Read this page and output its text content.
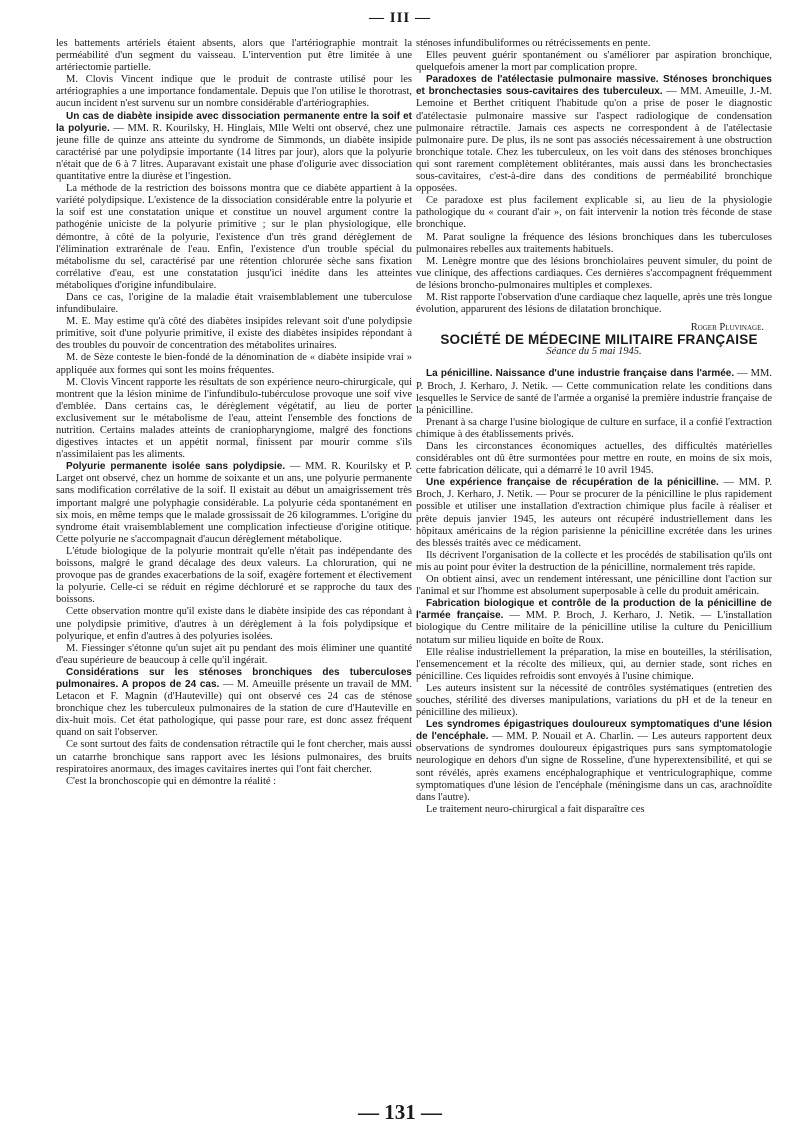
— III —

les battements artériels étaient absents, alors que l'artériographie montrait la perméabilité d'un segment du vaisseau. L'intervention put être limitée à une artériectomie partielle.

M. Clovis Vincent indique que le produit de contraste utilisé pour les artériographies a une importance fondamentale. Depuis que l'on utilise le thorotrast, aucun incident n'est survenu sur un nombre considérable d'artériographies.

Un cas de diabète insipide avec dissociation permanente entre la soif et la polyurie. — MM. R. Kourilsky, H. Hinglais, Mlle Welti ont observé, chez une jeune fille de quinze ans atteinte du syndrome de Simmonds, un diabète insipide caractérisé par une polydipsie importante (14 litres par jour), alors que la polyurie n'était que de 6 à 7 litres. Auparavant existait une phase d'oligurie avec dissociation quantitative entre la diurèse et l'ingestion.

La méthode de la restriction des boissons montra que ce diabète appartient à la variété polydipsique. L'existence de la dissociation considérable entre la polyurie et la soif est une constatation unique et constitue un nouvel argument contre la pathogénie uniciste de la polyurie primitive ; sur le plan physiologique, elle démontre, à côté de la polyurie, l'existence d'un très grand dérèglement de l'élimination extrarénale de l'eau. Enfin, l'existence d'un trouble spécial du métabolisme du sel, caractérisé par une rétention chlorurée sèche sans fixation corrélative d'eau, est une constatation jusqu'ici inédite dans les atteintes métaboliques d'origine infundibulaire.

Dans ce cas, l'origine de la maladie était vraisemblablement une tuberculose infundibulaire.

M. E. May estime qu'à côté des diabètes insipides relevant soit d'une polydipsie primitive, soit d'une polyurie primitive, il existe des diabètes insipides répondant à des troubles du pouvoir de concentration des métabolites urinaires.

M. de Sèze conteste le bien-fondé de la dénomination de « diabète insipide vrai » appliquée aux formes qui sont les moins fréquentes.

M. Clovis Vincent rapporte les résultats de son expérience neuro-chirurgicale, qui montrent que la lésion minime de l'infundibulo-tubérculose provoque une soif vive d'emblée. Dans certains cas, le dérèglement végétatif, au lieu de porter exclusivement sur le métabolisme de l'eau, atteint l'ensemble des fonctions de nutrition. Certains malades atteints de craniopharyngiome, malgré des fonctions digestives intactes et un appétit normal, finissent par mourir comme s'ils n'assimilaient pas les aliments.

Polyurie permanente isolée sans polydipsie. — MM. R. Kourilsky et P. Larget ont observé, chez un homme de soixante et un ans, une polyurie permanente sans modification corrélative de la soif. Il existait au début un amaigrissement très important malgré une polyphagie considérable. La polyurie céda spontanément en six mois, en même temps que le malade grossissait de 26 kilogrammes. L'origine du syndrome était vraisemblablement une complication infectieuse d'origine otitique. Cette polyurie ne s'accompagnait d'aucun dérèglement métabolique.

L'étude biologique de la polyurie montrait qu'elle n'était pas indépendante des boissons, malgré le grand décalage des deux valeurs. La chloruration, qui ne provoque pas de grandes exacerbations de la soif, exagère fortement et électivement la polyurie. Celle-ci se réduit en régime déchloruré et se rapproche du taux des boissons.

Cette observation montre qu'il existe dans le diabète insipide des cas répondant à une polydipsie primitive, d'autres à un dérèglement à la fois polydipsique et polyurique, et enfin d'autres à des polyuries isolées.

M. Fiessinger s'étonne qu'un sujet ait pu pendant des mois éliminer une quantité d'eau supérieure de beaucoup à celle qu'il ingérait.

Considérations sur les sténoses bronchiques des tuberculoses pulmonaires. A propos de 24 cas. — M. Ameuille présente un travail de MM. Letacon et F. Magnin (d'Hauteville) qui ont observé ces 24 cas de sténose bronchique chez les tuberculeux pulmonaires de la station de cure d'Hauteville en dix-huit mois. Cet état pathologique, qui passe pour rare, est donc assez fréquent quand on sait l'observer.

Ce sont surtout des faits de condensation rétractile qui le font chercher, mais aussi un catarrhe bronchique sans rapport avec les lésions pulmonaires, des bruits respiratoires anormaux, des images cavitaires inertes qui l'ont fait chercher.

C'est la bronchoscopie qui en démontre la réalité :

sténoses infundibuliformes ou rétrécissements en pente.

Elles peuvent guérir spontanément ou s'améliorer par aspiration bronchique, quelquefois amener la mort par complication propre.

Paradoxes de l'atélectasie pulmonaire massive. Sténoses bronchiques et bronchectasies sous-cavitaires des tuberculeux. — MM. Ameuille, J.-M. Lemoine et Berthet critiquent l'habitude qu'on a prise de poser le diagnostic d'atélectasie pulmonaire massive sur l'aspect radiologique de condensation pulmonaire rétractile. Jamais ces aspects ne correspondent à de l'atélectasie pulmonaire pure. De plus, ils ne sont pas associés nécessairement à une obstruction bronchique totale. Chez les tuberculeux, on les voit dans des sténoses bronchiques qui sont rarement complètement oblitérantes, mais aussi dans les bronchectasies sous-cavitaires, c'est-à-dire dans des conditions de perméabilité bronchique opposées.

Ce paradoxe est plus facilement explicable si, au lieu de la physiologie pathologique du « courant d'air », on fait intervenir la notion très féconde de stase bronchique.

M. Parat souligne la fréquence des lésions bronchiques dans les tuberculoses pulmonaires rebelles aux traitements habituels.

M. Lenègre montre que des lésions bronchiolaires peuvent simuler, du point de vue clinique, des affections cardiaques. Ces dernières s'accompagnent fréquemment de lésions broncho-pulmonaires multiples et complexes.

M. Rist rapporte l'observation d'une cardiaque chez laquelle, après une très longue évolution, apparurent des lésions de dilatation bronchique.

Roger Pluvinage.

SOCIÉTÉ DE MÉDECINE MILITAIRE FRANÇAISE

Séance du 5 mai 1945.

La pénicilline. Naissance d'une industrie française dans l'armée. — MM. P. Broch, J. Kerharo, J. Netik. — Cette communication relate les conditions dans lesquelles le Service de santé de l'armée a organisé la première industrie française de la pénicilline.

Prenant à sa charge l'usine biologique de culture en surface, il a confié l'extraction chimique à des établissements privés.

Dans les circonstances économiques actuelles, des difficultés matérielles considérables ont dû être surmontées pour mettre en route, en moins de six mois, cette fabrication délicate, qui a démarré le 10 avril 1945.

Une expérience française de récupération de la pénicilline. — MM. P. Broch, J. Kerharo, J. Netik. — Pour se procurer de la pénicilline le plus rapidement possible et utiliser une installation d'extraction chimique plus facile à réaliser et prête depuis janvier 1945, les auteurs ont récupéré industriellement dans les hôpitaux américains de la région parisienne la pénicilline excrétée dans les urines des blessés traités avec ce médicament.

Ils décrivent l'organisation de la collecte et les procédés de stabilisation qu'ils ont mis au point pour éviter la destruction de la pénicilline, normalement très rapide.

On obtient ainsi, avec un rendement intéressant, une pénicilline dont l'action sur l'animal et sur l'homme est absolument superposable à celle du produit américain.

Fabrication biologique et contrôle de la production de la pénicilline de l'armée française. — MM. P. Broch, J. Kerharo, J. Netik. — L'installation biologique du Centre militaire de la pénicilline utilise la culture du Penicillium notatum sur milieu liquide en boîte de Roux.

Elle réalise industriellement la préparation, la mise en bouteilles, la stérilisation, l'ensemencement et la récolte des milieux, qui, au dernier stade, sont riches en pénicilline. Ces liquides refroidis sont envoyés à l'usine chimique.

Les auteurs insistent sur la nécessité de contrôles systématiques (entretien des souches, stérilité des diverses manipulations, variations du pH et de la teneur en pénicilline des milieux).

Les syndromes épigastriques douloureux symptomatiques d'une lésion de l'encéphale. — MM. P. Nouail et A. Charlin. — Les auteurs rapportent deux observations de syndromes douloureux épigastriques purs sans symptomatologie neurologique en dehors d'un signe de Rosseline, d'une hyperextensibilité, et qui se sont révélés, après examens encéphalographique et ventriculographique, comme symptomatiques d'une lésion de l'encéphale (méningisme dans un cas, arachnoïdite dans l'autre).

Le traitement neuro-chirurgical a fait disparaître ces

— 131 —
